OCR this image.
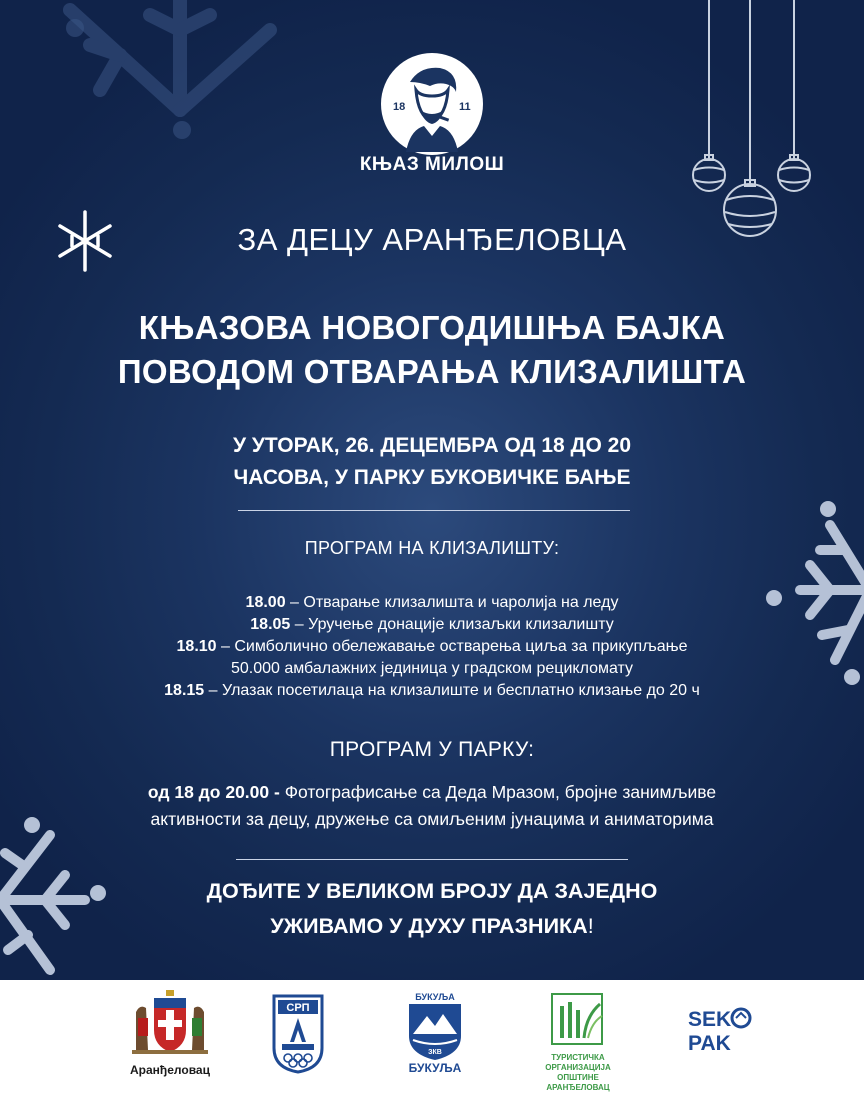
18	11
КЊАЗ МИЛОШ
ЗА ДЕЦУ АРАНЂЕЛОВЦА
КЊАЗОВА НОВОГОДИШЊА БАЈКА
ПОВОДОМ ОТВАРАЊА КЛИЗАЛИШТА
У УТОРАК, 26. ДЕЦЕМБРА ОД 18 ДО 20
ЧАСОВА, У ПАРКУ БУКОВИЧКЕ БАЊЕ
ПРОГРАМ НА КЛИЗАЛИШТУ:
18.00 – Отварање клизалишта и чаролија на леду
18.05 – Уручење донације клизаљки клизалишту
18.10 – Симболично обележавање остварења циља за прикупљање
50.000 амбалажних јединица у градском рецикломату
18.15 – Улазак посетилаца на клизалиште и бесплатно клизање до 20 ч
ПРОГРАМ У ПАРКУ:
од 18 до 20.00 - Фотографисање са Деда Мразом, бројне занимљиве
активности за децу, дружење са омиљеним јунацима и аниматорима
ДОЂИТЕ У ВЕЛИКОМ БРОЈУ ДА ЗАЈЕДНО
УЖИВАМО У ДУХУ ПРАЗНИКА!
Аранђеловац
СРП
БУКУЉА
ЗКВ
БУКУЉА
ТУРИСТИЧКА ОРГАНИЗАЦИЈА
ОПШТИНЕ АРАНЂЕЛОВАЦ
SEK
PAK
